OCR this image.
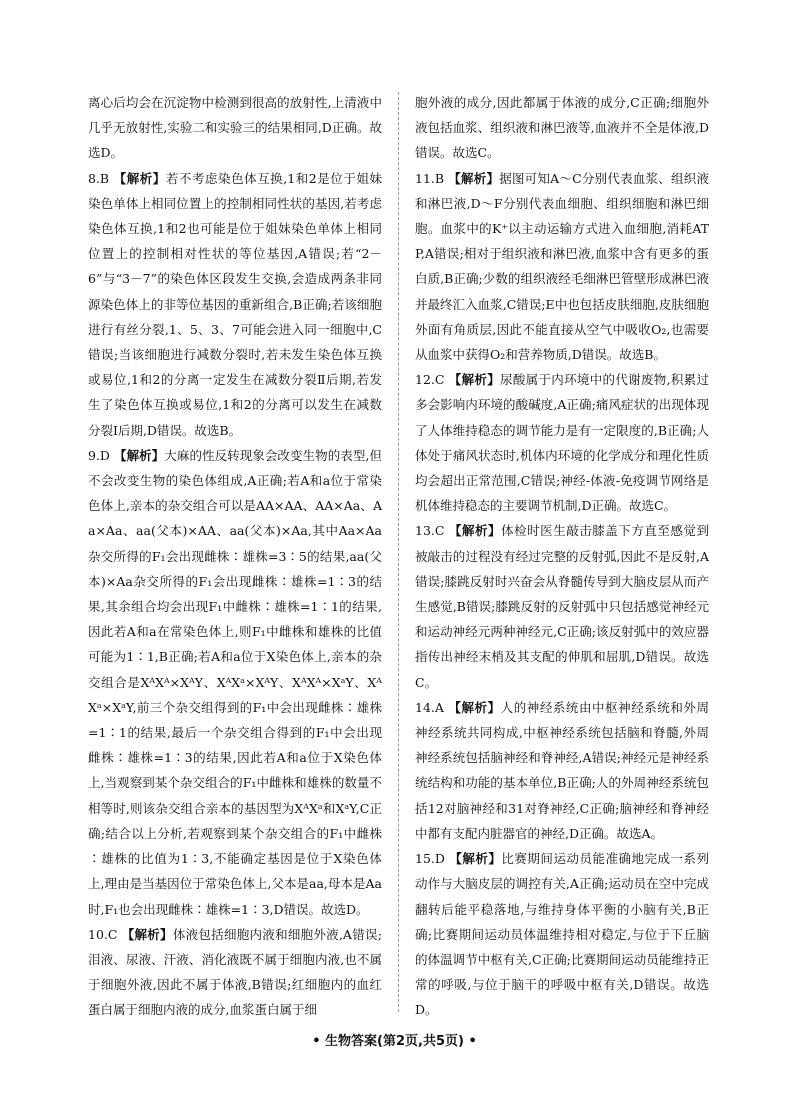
离心后均会在沉淀物中检测到很高的放射性,上清液中几乎无放射性,实验二和实验三的结果相同,D正确。故选D。

8.B 【解析】若不考虑染色体互换,1和2是位于姐妹染色单体上相同位置上的控制相同性状的基因,若考虑染色体互换,1和2也可能是位于姐妹染色单体上相同位置上的控制相对性状的等位基因,A错误;若“2－6”与“3－7”的染色体区段发生交换,会造成两条非同源染色体上的非等位基因的重新组合,B正确;若该细胞进行有丝分裂,1、5、3、7可能会进入同一细胞中,C错误;当该细胞进行减数分裂时,若未发生染色体互换或易位,1和2的分离一定发生在减数分裂Ⅱ后期,若发生了染色体互换或易位,1和2的分离可以发生在减数分裂Ⅰ后期,D错误。故选B。

9.D 【解析】大麻的性反转现象会改变生物的表型,但不会改变生物的染色体组成,A正确;若A和a位于常染色体上,亲本的杂交组合可以是AA×AA、AA×Aa、Aa×Aa、aa(父本)×AA、aa(父本)×Aa,其中Aa×Aa杂交所得的F₁会出现雌株∶雄株=3∶5的结果,aa(父本)×Aa杂交所得的F₁会出现雌株∶雄株=1∶3的结果,其余组合均会出现F₁中雌株∶雄株=1∶1的结果,因此若A和a在常染色体上,则F₁中雌株和雄株的比值可能为1∶1,B正确;若A和a位于X染色体上,亲本的杂交组合是XᴬXᴬ×XᴬY、XᴬXᵃ×XᴬY、XᴬXᴬ×XᵃY、XᴬXᵃ×XᵃY,前三个杂交组得到的F₁中会出现雌株∶雄株=1∶1的结果,最后一个杂交组合得到的F₁中会出现雌株∶雄株=1∶3的结果,因此若A和a位于X染色体上,当观察到某个杂交组合的F₁中雌株和雄株的数量不相等时,则该杂交组合亲本的基因型为XᴬXᵃ和XᵃY,C正确;结合以上分析,若观察到某个杂交组合的F₁中雌株∶雄株的比值为1∶3,不能确定基因是位于X染色体上,理由是当基因位于常染色体上,父本是aa,母本是Aa时,F₁也会出现雌株∶雄株=1∶3,D错误。故选D。

10.C 【解析】体液包括细胞内液和细胞外液,A错误;泪液、尿液、汗液、消化液既不属于细胞内液,也不属于细胞外液,因此不属于体液,B错误;红细胞内的血红蛋白属于细胞内液的成分,血浆蛋白属于细

胞外液的成分,因此都属于体液的成分,C正确;细胞外液包括血浆、组织液和淋巴液等,血液并不全是体液,D错误。故选C。

11.B 【解析】据图可知A～C分别代表血浆、组织液和淋巴液,D～F分别代表血细胞、组织细胞和淋巴细胞。血浆中的K⁺以主动运输方式进入血细胞,消耗ATP,A错误;相对于组织液和淋巴液,血浆中含有更多的蛋白质,B正确;少数的组织液经毛细淋巴管壁形成淋巴液并最终汇入血浆,C错误;E中也包括皮肤细胞,皮肤细胞外面有角质层,因此不能直接从空气中吸收O₂,也需要从血浆中获得O₂和营养物质,D错误。故选B。

12.C 【解析】尿酸属于内环境中的代谢废物,积累过多会影响内环境的酸碱度,A正确;痛风症状的出现体现了人体维持稳态的调节能力是有一定限度的,B正确;人体处于痛风状态时,机体内环境的化学成分和理化性质均会超出正常范围,C错误;神经-体液-免疫调节网络是机体维持稳态的主要调节机制,D正确。故选C。

13.C 【解析】体检时医生敲击膝盖下方直至感觉到被敲击的过程没有经过完整的反射弧,因此不是反射,A错误;膝跳反射时兴奋会从脊髓传导到大脑皮层从而产生感觉,B错误;膝跳反射的反射弧中只包括感觉神经元和运动神经元两种神经元,C正确;该反射弧中的效应器指传出神经末梢及其支配的伸肌和屈肌,D错误。故选C。

14.A 【解析】人的神经系统由中枢神经系统和外周神经系统共同构成,中枢神经系统包括脑和脊髓,外周神经系统包括脑神经和脊神经,A错误;神经元是神经系统结构和功能的基本单位,B正确;人的外周神经系统包括12对脑神经和31对脊神经,C正确;脑神经和脊神经中都有支配内脏器官的神经,D正确。故选A。

15.D 【解析】比赛期间运动员能准确地完成一系列动作与大脑皮层的调控有关,A正确;运动员在空中完成翻转后能平稳落地,与维持身体平衡的小脑有关,B正确;比赛期间运动员体温维持相对稳定,与位于下丘脑的体温调节中枢有关,C正确;比赛期间运动员能维持正常的呼吸,与位于脑干的呼吸中枢有关,D错误。故选D。

• 生物答案(第2页,共5页) •
